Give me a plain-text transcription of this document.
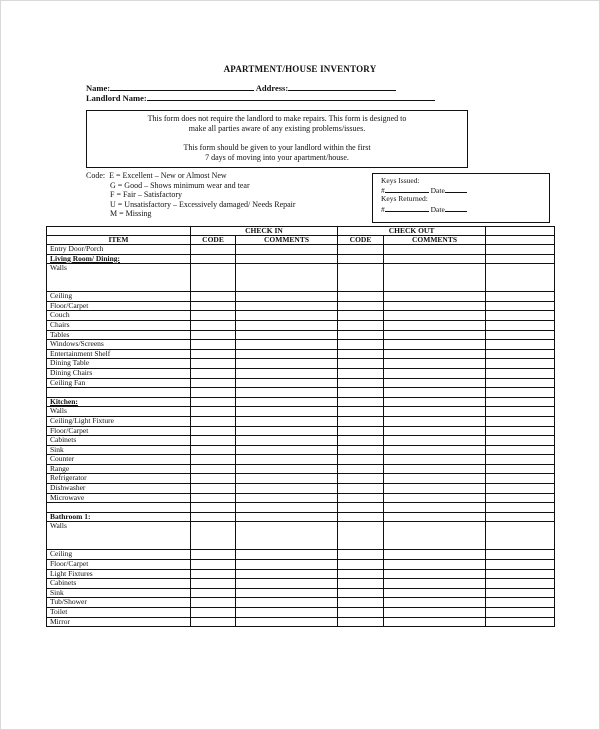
APARTMENT/HOUSE INVENTORY
Name:	Address:
Landlord Name:

This form does not require the landlord to make repairs. This form is designed to

make all parties aware of any existing problems/issues.

This form should be given to your landlord within the first

7 days of moving into your apartment/house.

Code:  E = Excellent – New or Almost New
G = Good – Shows minimum wear and tear
F = Fair – Satisfactory
U = Unsatisfactory – Excessively damaged/ Needs Repair
M = Missing
Keys Issued:
#	Date
Keys Returned:
#	Date
	CHECK IN		CHECK OUT		
ITEM	CODE	COMMENTS	CODE	COMMENTS	
Entry Door/Porch					
Living Room/ Dining:					
Walls					
Ceiling					
Floor/Carpet					
Couch					
Chairs					
Tables					
Windows/Screens					
Entertainment Shelf					
Dining Table					
Dining Chairs					
Ceiling Fan					

Kitchen:					
Walls					
Ceiling/Light Fixture					
Floor/Carpet					
Cabinets					
Sink					
Counter					
Range					
Refrigerator					
Dishwasher					
Microwave					

Bathroom 1:					
Walls					
Ceiling					
Floor/Carpet					
Light Fixtures					
Cabinets					
Sink					
Tub/Shower					
Toilet					
Mirror					
